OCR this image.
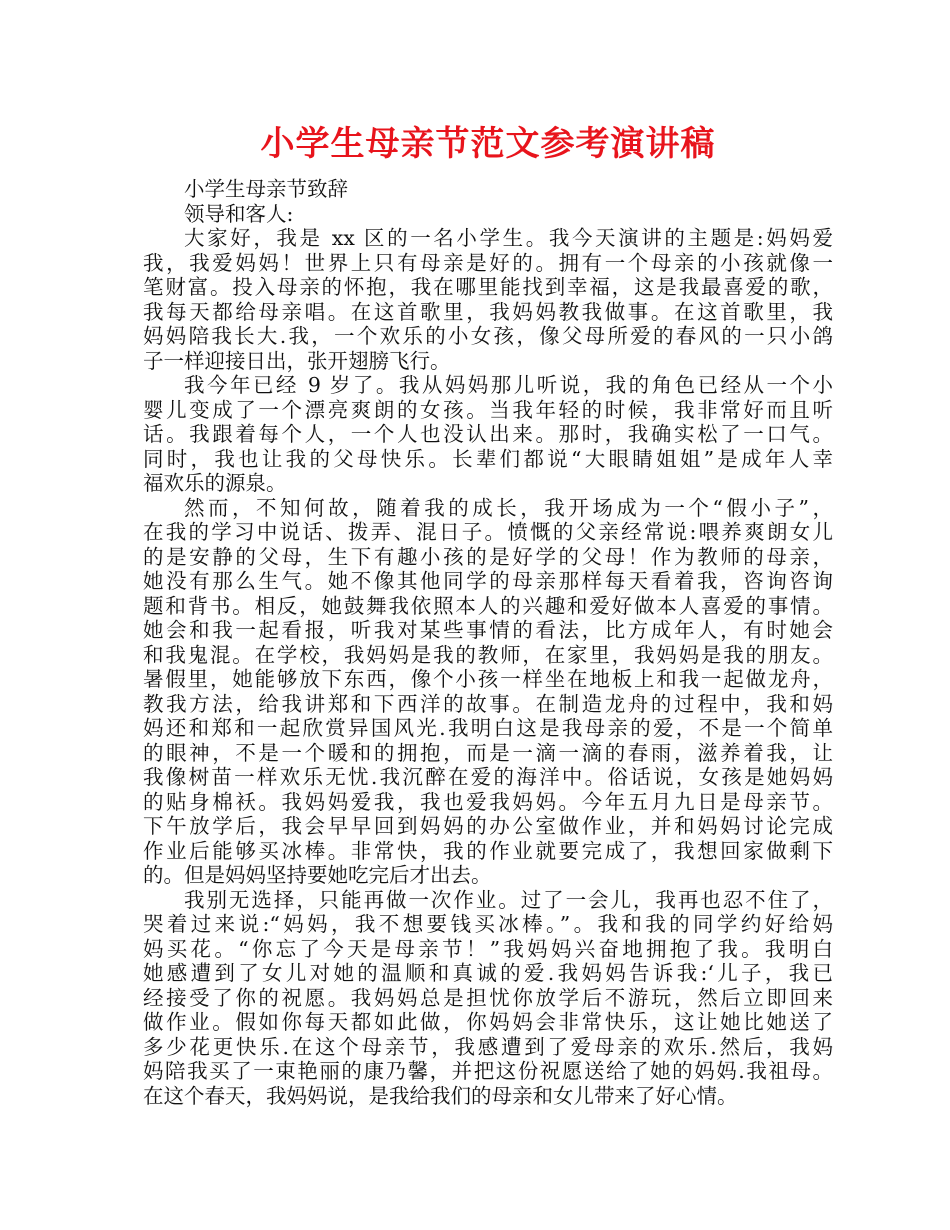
小学生母亲节范文参考演讲稿
小学生母亲节致辞
领导和客人:
大家好，我是 xx 区的一名小学生。我今天演讲的主题是:妈妈爱
我，我爱妈妈！世界上只有母亲是好的。拥有一个母亲的小孩就像一
笔财富。投入母亲的怀抱，我在哪里能找到幸福，这是我最喜爱的歌，
我每天都给母亲唱。在这首歌里，我妈妈教我做事。在这首歌里，我
妈妈陪我长大.我，一个欢乐的小女孩，像父母所爱的春风的一只小鸽
子一样迎接日出，张开翅膀飞行。
我今年已经 9 岁了。我从妈妈那儿听说，我的角色已经从一个小
婴儿变成了一个漂亮爽朗的女孩。当我年轻的时候，我非常好而且听
话。我跟着每个人，一个人也没认出来。那时，我确实松了一口气。
同时，我也让我的父母快乐。长辈们都说“大眼睛姐姐”是成年人幸
福欢乐的源泉。
然而，不知何故，随着我的成长，我开场成为一个“假小子”，
在我的学习中说话、拨弄、混日子。愤慨的父亲经常说:喂养爽朗女儿
的是安静的父母，生下有趣小孩的是好学的父母！作为教师的母亲，
她没有那么生气。她不像其他同学的母亲那样每天看着我，咨询咨询
题和背书。相反，她鼓舞我依照本人的兴趣和爱好做本人喜爱的事情。
她会和我一起看报，听我对某些事情的看法，比方成年人，有时她会
和我鬼混。在学校，我妈妈是我的教师，在家里，我妈妈是我的朋友。
暑假里，她能够放下东西，像个小孩一样坐在地板上和我一起做龙舟，
教我方法，给我讲郑和下西洋的故事。在制造龙舟的过程中，我和妈
妈还和郑和一起欣赏异国风光.我明白这是我母亲的爱，不是一个简单
的眼神，不是一个暖和的拥抱，而是一滴一滴的春雨，滋养着我，让
我像树苗一样欢乐无忧.我沉醉在爱的海洋中。俗话说，女孩是她妈妈
的贴身棉袄。我妈妈爱我，我也爱我妈妈。今年五月九日是母亲节。
下午放学后，我会早早回到妈妈的办公室做作业，并和妈妈讨论完成
作业后能够买冰棒。非常快，我的作业就要完成了，我想回家做剩下
的。但是妈妈坚持要她吃完后才出去。
我别无选择，只能再做一次作业。过了一会儿，我再也忍不住了，
哭着过来说:“妈妈，我不想要钱买冰棒。”。我和我的同学约好给妈
妈买花。“你忘了今天是母亲节！”我妈妈兴奋地拥抱了我。我明白
她感遭到了女儿对她的温顺和真诚的爱.我妈妈告诉我:‘儿子，我已
经接受了你的祝愿。我妈妈总是担忧你放学后不游玩，然后立即回来
做作业。假如你每天都如此做，你妈妈会非常快乐，这让她比她送了
多少花更快乐.在这个母亲节，我感遭到了爱母亲的欢乐.然后，我妈
妈陪我买了一束艳丽的康乃馨，并把这份祝愿送给了她的妈妈.我祖母。
在这个春天，我妈妈说，是我给我们的母亲和女儿带来了好心情。
